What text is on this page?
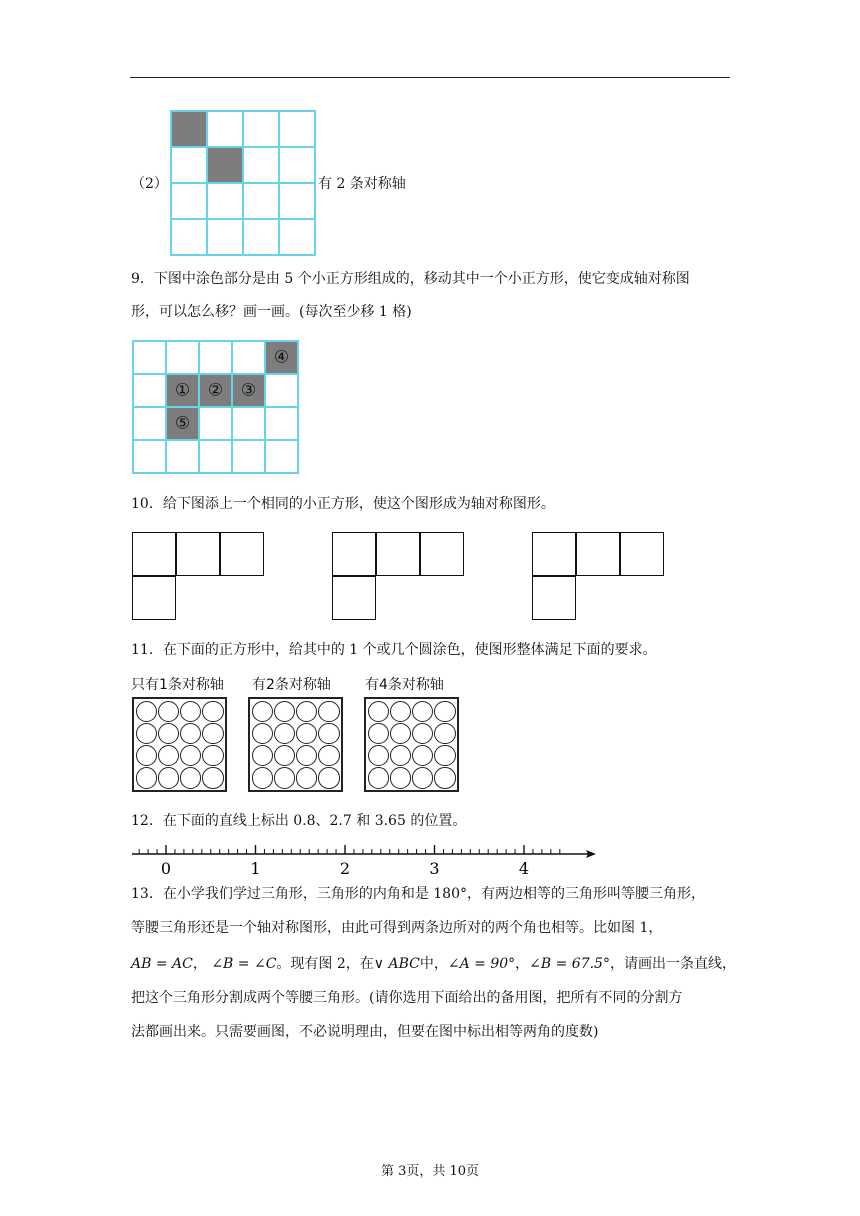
（2）	有 2 条对称轴
9．下图中涂色部分是由 5 个小正方形组成的，移动其中一个小正方形，使它变成轴对称图
形，可以怎么移？画一画。(每次至少移 1 格)
④
①	②	③
⑤
10．给下图添上一个相同的小正方形，使这个图形成为轴对称图形。
11．在下面的正方形中，给其中的 1 个或几个圆涂色，使图形整体满足下面的要求。
只有1条对称轴 有2条对称轴 有4条对称轴
12．在下面的直线上标出 0.8、2.7 和 3.65 的位置。
0	1	2	3	4
13．在小学我们学过三角形，三角形的内角和是 180°，有两边相等的三角形叫等腰三角形，
等腰三角形还是一个轴对称图形，由此可得到两条边所对的两个角也相等。比如图 1，
AB = AC， ∠B = ∠C。现有图 2，在∨ ABC中，∠A = 90°，∠B = 67.5°，请画出一条直线，
把这个三角形分割成两个等腰三角形。(请你选用下面给出的备用图，把所有不同的分割方
法都画出来。只需要画图，不必说明理由，但要在图中标出相等两角的度数)
第 3页，共 10页
